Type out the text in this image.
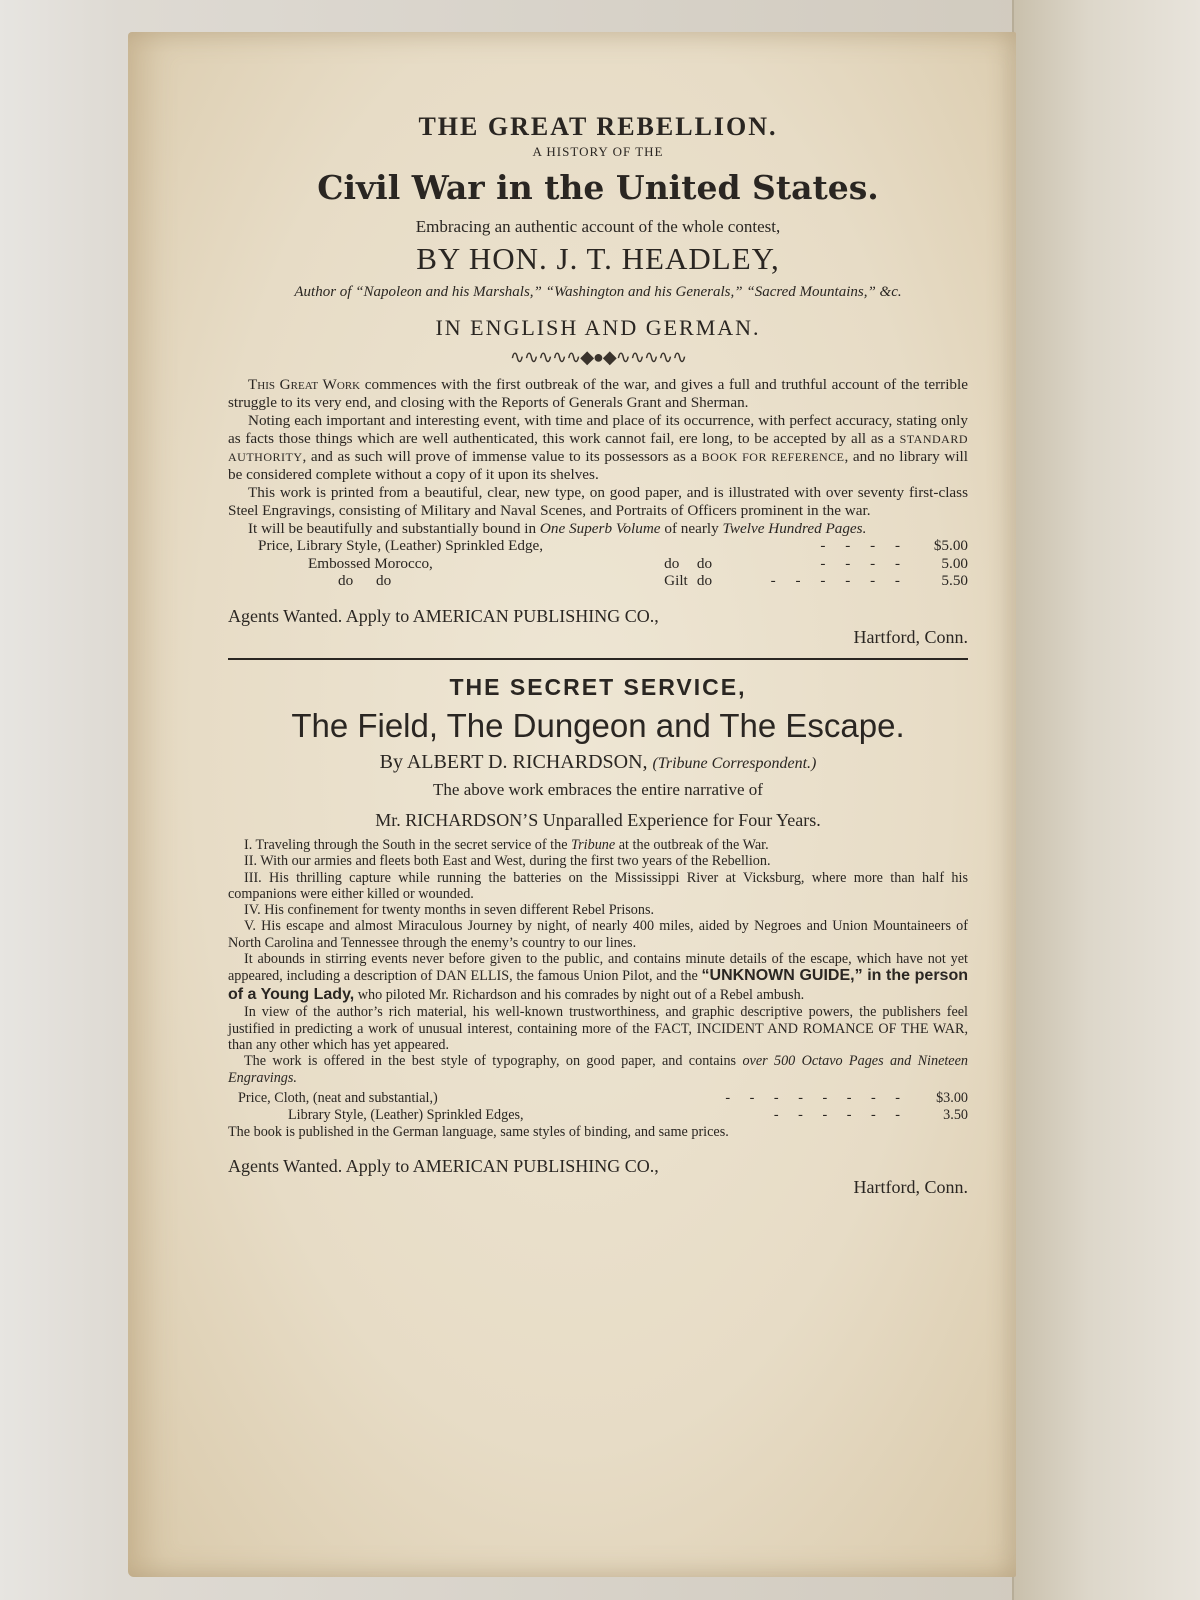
THE GREAT REBELLION.

A HISTORY OF THE

Civil War in the United States.

Embracing an authentic account of the whole contest,

BY HON. J. T. HEADLEY,

Author of “Napoleon and his Marshals,” “Washington and his Generals,” “Sacred Mountains,” &c.

IN ENGLISH AND GERMAN.

∿∿∿∿∿◆●◆∿∿∿∿∿

This Great Work commences with the first outbreak of the war, and gives a full and truthful account of the terrible struggle to its very end, and closing with the Reports of Generals Grant and Sherman.

Noting each important and interesting event, with time and place of its occurrence, with perfect accuracy, stating only as facts those things which are well authenticated, this work cannot fail, ere long, to be accepted by all as a STANDARD AUTHORITY, and as such will prove of immense value to its possessors as a BOOK FOR REFERENCE, and no library will be considered complete without a copy of it upon its shelves.

This work is printed from a beautiful, clear, new type, on good paper, and is illustrated with over seventy first-class Steel Engravings, consisting of Military and Naval Scenes, and Portraits of Officers prominent in the war.

It will be beautifully and substantially bound in One Superb Volume of nearly Twelve Hundred Pages.

Price, Library Style, (Leather) Sprinkled Edge,			- - - -	$5.00
Embossed Morocco,	do	do	- - - -	5.00
do      do	Gilt	do	- - - - - -	5.50
Agents Wanted. Apply to AMERICAN PUBLISHING CO.,
Hartford, Conn.

THE SECRET SERVICE,

The Field, The Dungeon and The Escape.

By ALBERT D. RICHARDSON, (Tribune Correspondent.)

The above work embraces the entire narrative of

Mr. RICHARDSON’S Unparalled Experience for Four Years.

I. Traveling through the South in the secret service of the Tribune at the outbreak of the War.

II. With our armies and fleets both East and West, during the first two years of the Rebellion.

III. His thrilling capture while running the batteries on the Mississippi River at Vicksburg, where more than half his companions were either killed or wounded.

IV. His confinement for twenty months in seven different Rebel Prisons.

V. His escape and almost Miraculous Journey by night, of nearly 400 miles, aided by Negroes and Union Mountaineers of North Carolina and Tennessee through the enemy’s country to our lines.

It abounds in stirring events never before given to the public, and contains minute details of the escape, which have not yet appeared, including a description of DAN ELLIS, the famous Union Pilot, and the “UNKNOWN GUIDE,” in the person of a Young Lady, who piloted Mr. Richardson and his comrades by night out of a Rebel ambush.

In view of the author’s rich material, his well-known trustworthiness, and graphic descriptive powers, the publishers feel justified in predicting a work of unusual interest, containing more of the FACT, INCIDENT AND ROMANCE OF THE WAR, than any other which has yet appeared.

The work is offered in the best style of typography, on good paper, and contains over 500 Octavo Pages and Nineteen Engravings.

Price, Cloth, (neat and substantial,)	- - - - - - - -	$3.00
Library Style, (Leather) Sprinkled Edges,	- - - - - -	3.50

The book is published in the German language, same styles of binding, and same prices.

Agents Wanted. Apply to AMERICAN PUBLISHING CO.,
Hartford, Conn.
